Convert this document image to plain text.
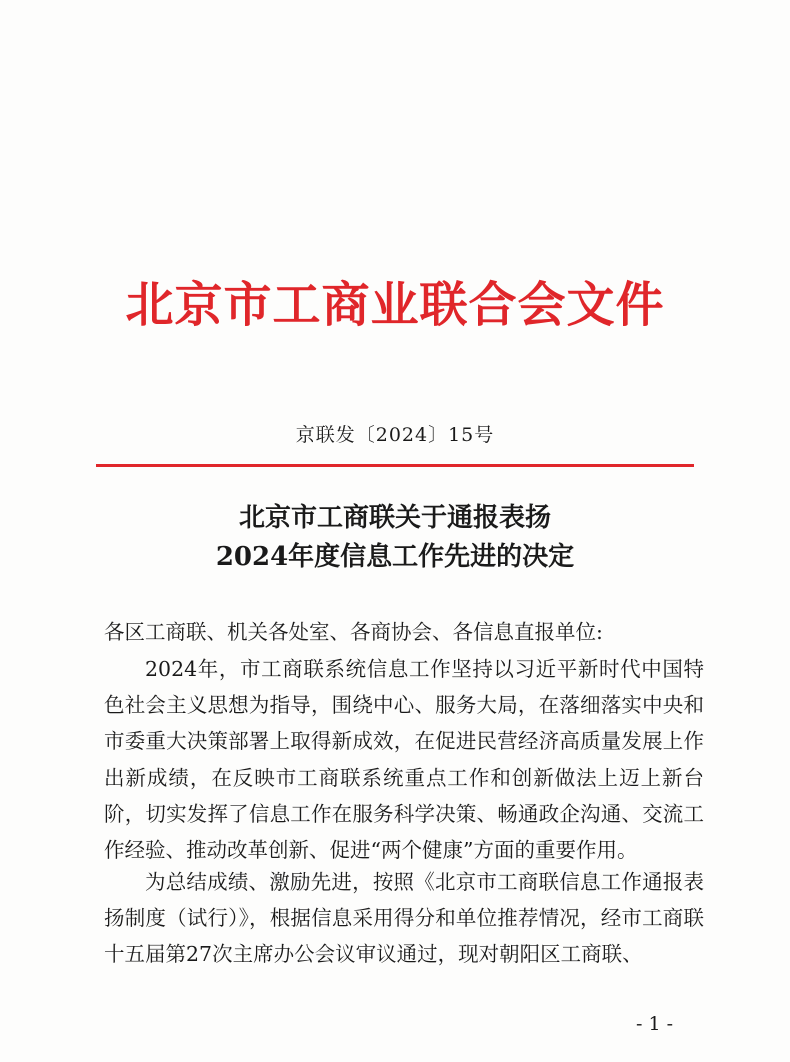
北京市工商业联合会文件
京联发〔2024〕15号
北京市工商联关于通报表扬
2024年度信息工作先进的决定
各区工商联、机关各处室、各商协会、各信息直报单位:

2024年，市工商联系统信息工作坚持以习近平新时代中国特色社会主义思想为指导，围绕中心、服务大局，在落细落实中央和市委重大决策部署上取得新成效，在促进民营经济高质量发展上作出新成绩，在反映市工商联系统重点工作和创新做法上迈上新台阶，切实发挥了信息工作在服务科学决策、畅通政企沟通、交流工作经验、推动改革创新、促进“两个健康”方面的重要作用。

为总结成绩、激励先进，按照《北京市工商联信息工作通报表扬制度（试行）》，根据信息采用得分和单位推荐情况，经市工商联十五届第27次主席办公会议审议通过，现对朝阳区工商联、

- 1 -
